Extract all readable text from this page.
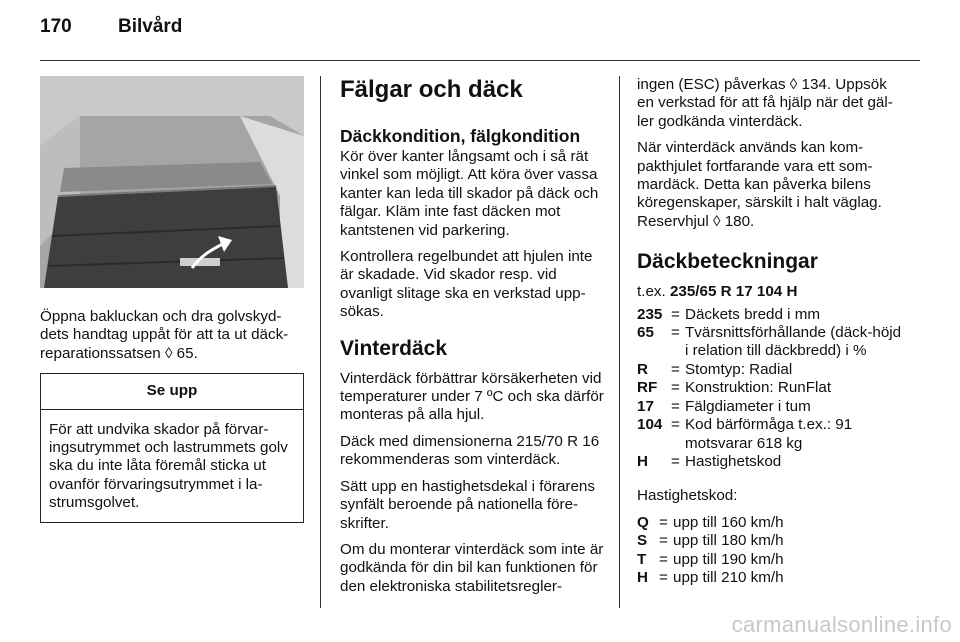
170 Bilvård

Öppna bakluckan och dra golvskyd-dets handtag uppåt för att ta ut däck-reparationssatsen ◊ 65.

Se upp
För att undvika skador på förvar-ingsutrymmet och lastrummets golv ska du inte låta föremål sticka ut ovanför förvaringsutrymmet i la-strumsgolvet.
Fälgar och däck
Däckkondition, fälgkondition

Kör över kanter långsamt och i så rät vinkel som möjligt. Att köra över vassa kanter kan leda till skador på däck och fälgar. Kläm inte fast däcken mot kantstenen vid parkering.

Kontrollera regelbundet att hjulen inte är skadade. Vid skador resp. vid ovanligt slitage ska en verkstad upp-sökas.

Vinterdäck

Vinterdäck förbättrar körsäkerheten vid temperaturer under 7 ºC och ska därför monteras på alla hjul.

Däck med dimensionerna 215/70 R 16 rekommenderas som vinterdäck.

Sätt upp en hastighetsdekal i förarens synfält beroende på nationella före-skrifter.

Om du monterar vinterdäck som inte är godkända för din bil kan funktionen för den elektroniska stabilitetsregler-

ingen (ESC) påverkas ◊ 134. Uppsök en verkstad för att få hjälp när det gäl-ler godkända vinterdäck.

När vinterdäck används kan kom-pakthjulet fortfarande vara ett som-mardäck. Detta kan påverka bilens köregenskaper, särskilt i halt väglag. Reservhjul ◊ 180.

Däckbeteckningar
t.ex. 235/65 R 17 104 H
235	=	Däckets bredd i mm
65	=	Tvärsnittsförhållande (däck-höjd i relation till däckbredd) i %
R	=	Stomtyp: Radial
RF	=	Konstruktion: RunFlat
17	=	Fälgdiameter i tum
104	=	Kod bärförmåga t.ex.: 91 motsvarar 618 kg
H	=	Hastighetskod

Hastighetskod:

Q	=	upp till 160 km/h
S	=	upp till 180 km/h
T	=	upp till 190 km/h
H	=	upp till 210 km/h
carmanualsonline.info
